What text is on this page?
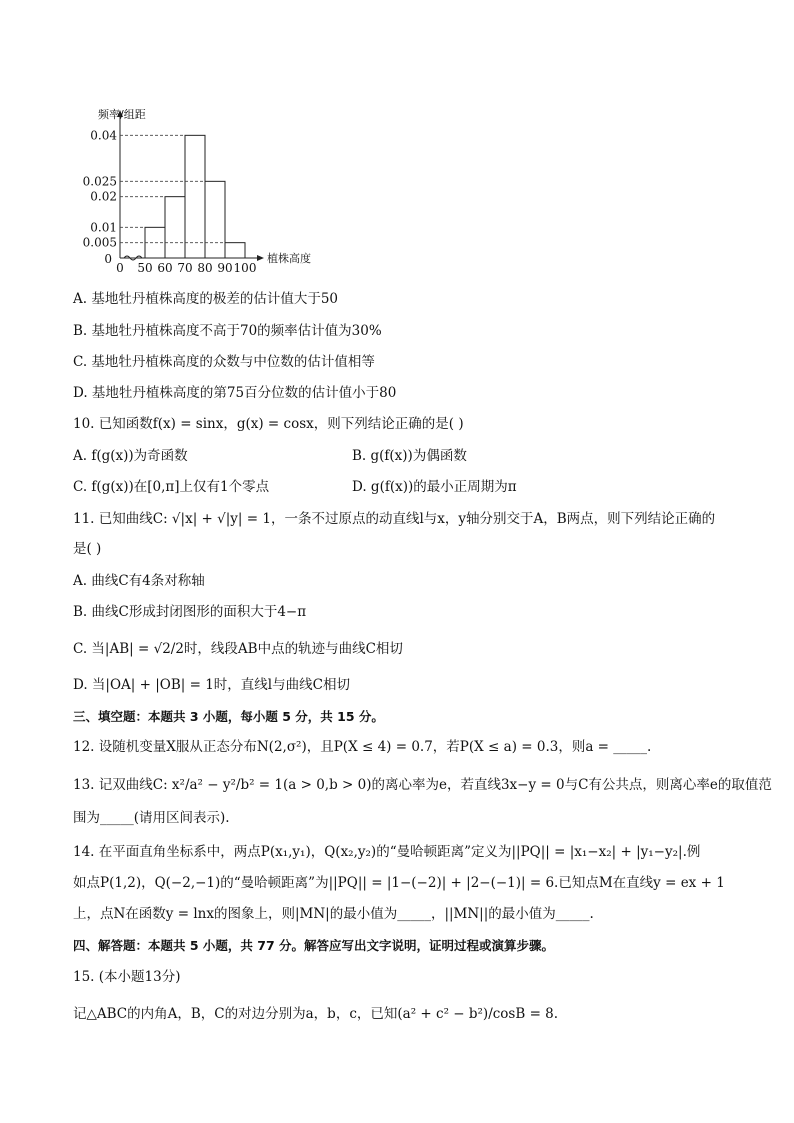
0.005
0.01
0.02
0.025
0.04
0
0 50 60 70 80 90 100
频率/组距
植株高度
A. 基地牡丹植株高度的极差的估计值大于50
B. 基地牡丹植株高度不高于70的频率估计值为30%
C. 基地牡丹植株高度的众数与中位数的估计值相等
D. 基地牡丹植株高度的第75百分位数的估计值小于80
10. 已知函数f(x) = sinx，g(x) = cosx，则下列结论正确的是( )
A. f(g(x))为奇函数	B. g(f(x))为偶函数
C. f(g(x))在[0,π]上仅有1个零点	D. g(f(x))的最小正周期为π
11. 已知曲线C: √|x| + √|y| = 1，一条不过原点的动直线l与x，y轴分别交于A，B两点，则下列结论正确的
是( )
A. 曲线C有4条对称轴
B. 曲线C形成封闭图形的面积大于4−π
C. 当|AB| = √2/2时，线段AB中点的轨迹与曲线C相切
D. 当|OA| + |OB| = 1时，直线l与曲线C相切
三、填空题：本题共 3 小题，每小题 5 分，共 15 分。
12. 设随机变量X服从正态分布N(2,σ²)，且P(X ≤ 4) = 0.7，若P(X ≤ a) = 0.3，则a = _____.
13. 记双曲线C: x²/a² − y²/b² = 1(a > 0,b > 0)的离心率为e，若直线3x−y = 0与C有公共点，则离心率e的取值范
围为_____(请用区间表示).
14. 在平面直角坐标系中，两点P(x₁,y₁)，Q(x₂,y₂)的“曼哈顿距离”定义为||PQ|| = |x₁−x₂| + |y₁−y₂|.例
如点P(1,2)，Q(−2,−1)的“曼哈顿距离”为||PQ|| = |1−(−2)| + |2−(−1)| = 6.已知点M在直线y = ex + 1
上，点N在函数y = lnx的图象上，则|MN|的最小值为_____，||MN||的最小值为_____.
四、解答题：本题共 5 小题，共 77 分。解答应写出文字说明，证明过程或演算步骤。
15. (本小题13分)
记△ABC的内角A，B，C的对边分别为a，b，c，已知(a² + c² − b²)/cosB = 8.
